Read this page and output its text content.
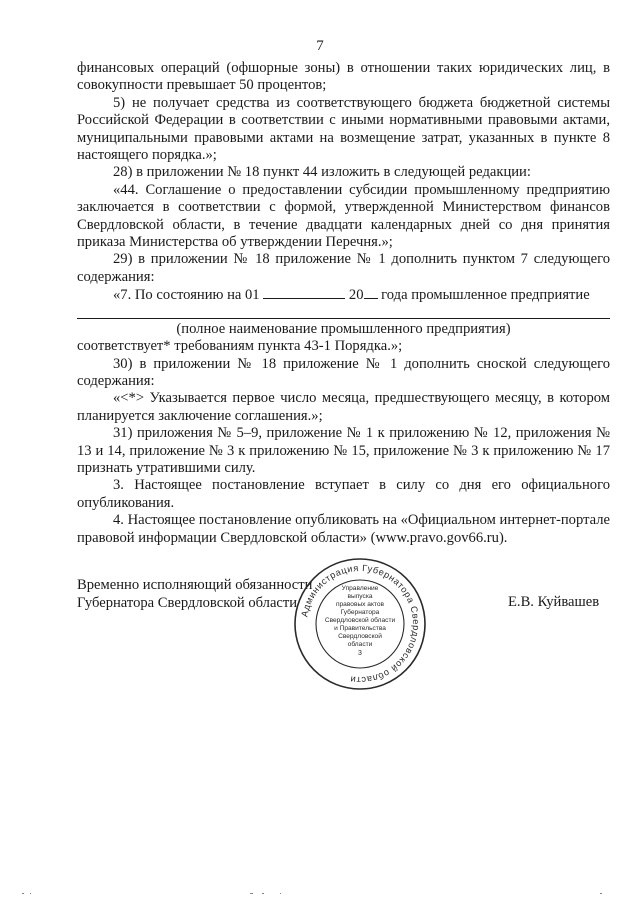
7

финансовых операций (офшорные зоны) в отношении таких юридических лиц, в совокупности превышает 50 процентов;

5) не получает средства из соответствующего бюджета бюджетной системы Российской Федерации в соответствии с иными нормативными правовыми актами, муниципальными правовыми актами на возмещение затрат, указанных в пункте 8 настоящего порядка.»;

28) в приложении № 18 пункт 44 изложить в следующей редакции:

«44. Соглашение о предоставлении субсидии промышленному предприятию заключается в соответствии с формой, утвержденной Министерством финансов Свердловской области, в течение двадцати календарных дней со дня принятия приказа Министерства об утверждении Перечня.»;

29) в приложении № 18 приложение № 1 дополнить пунктом 7 следующего содержания:

«7. По состоянию на 01	20 года промышленное предприятие

(полное наименование промышленного предприятия)

соответствует* требованиям пункта 43-1 Порядка.»;

30) в приложении № 18 приложение № 1 дополнить сноской следующего содержания:

«<*> Указывается первое число месяца, предшествующего месяцу, в котором планируется заключение соглашения.»;

31) приложения № 5–9, приложение № 1 к приложению № 12, приложения № 13 и 14, приложение № 3 к приложению № 15, приложение № 3 к приложению № 17 признать утратившими силу.

3. Настоящее постановление вступает в силу со дня его официального опубликования.

4. Настоящее постановление опубликовать на «Официальном интернет-портале правовой информации Свердловской области» (www.pravo.gov66.ru).

Временно исполняющий обязанности
Губернатора Свердловской области	Е.В. Куйвашев
Администрация Губернатора Свердловской области
Управление
выпуска
правовых актов
Губернатора
Свердловской области
и Правительства
Свердловской
области
3
